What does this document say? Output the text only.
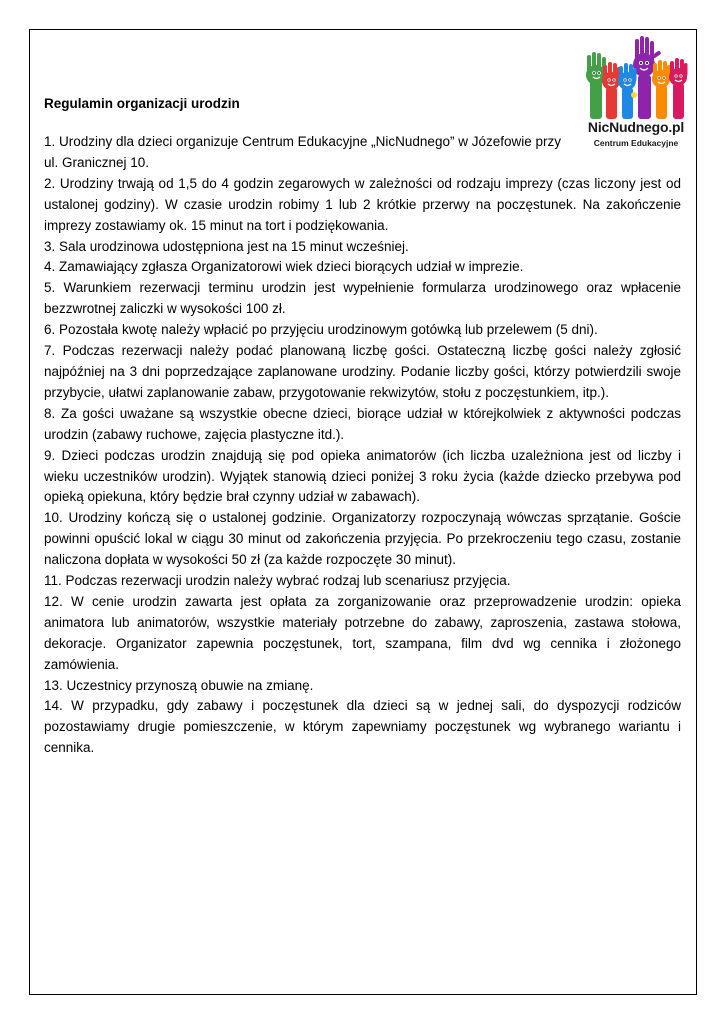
NicNudnego.pl
Centrum Edukacyjne
Regulamin organizacji urodzin
1. Urodziny dla dzieci organizuje Centrum Edukacyjne „NicNudnego” w Józefowie przy ul. Granicznej 10.
2. Urodziny trwają od 1,5 do 4 godzin zegarowych w zależności od rodzaju imprezy (czas liczony jest od ustalonej godziny). W czasie urodzin robimy 1 lub 2 krótkie przerwy na poczęstunek. Na zakończenie imprezy zostawiamy ok. 15 minut na tort i podziękowania.
3. Sala urodzinowa udostępniona jest na 15 minut wcześniej.
4. Zamawiający zgłasza Organizatorowi wiek dzieci biorących udział w imprezie.
5. Warunkiem rezerwacji terminu urodzin jest wypełnienie formularza urodzinowego oraz wpłacenie bezzwrotnej zaliczki w wysokości 100 zł.
6. Pozostała kwotę należy wpłacić po przyjęciu urodzinowym gotówką lub przelewem (5 dni).
7. Podczas rezerwacji należy podać planowaną liczbę gości. Ostateczną liczbę gości należy zgłosić najpóźniej na 3 dni poprzedzające zaplanowane urodziny. Podanie liczby gości, którzy potwierdzili swoje przybycie, ułatwi zaplanowanie zabaw, przygotowanie rekwizytów, stołu z poczęstunkiem, itp.).
8. Za gości uważane są wszystkie obecne dzieci, biorące udział w którejkolwiek z aktywności podczas urodzin (zabawy ruchowe, zajęcia plastyczne itd.).
9. Dzieci podczas urodzin znajdują się pod opieka animatorów (ich liczba uzależniona jest od liczby i wieku uczestników urodzin). Wyjątek stanowią dzieci poniżej 3 roku życia (każde dziecko przebywa pod opieką opiekuna, który będzie brał czynny udział w zabawach).
10. Urodziny kończą się o ustalonej godzinie. Organizatorzy rozpoczynają wówczas sprzątanie. Goście powinni opuścić lokal w ciągu 30 minut od zakończenia przyjęcia. Po przekroczeniu tego czasu, zostanie naliczona dopłata w wysokości 50 zł (za każde rozpoczęte 30 minut).
11. Podczas rezerwacji urodzin należy wybrać rodzaj lub scenariusz przyjęcia.
12. W cenie urodzin zawarta jest opłata za zorganizowanie oraz przeprowadzenie urodzin: opieka animatora lub animatorów, wszystkie materiały potrzebne do zabawy, zaproszenia, zastawa stołowa, dekoracje. Organizator zapewnia poczęstunek, tort, szampana, film dvd wg cennika i złożonego zamówienia.
13. Uczestnicy przynoszą obuwie na zmianę.
14. W przypadku, gdy zabawy i poczęstunek dla dzieci są w jednej sali, do dyspozycji rodziców pozostawiamy drugie pomieszczenie, w którym zapewniamy poczęstunek wg wybranego wariantu i cennika.
